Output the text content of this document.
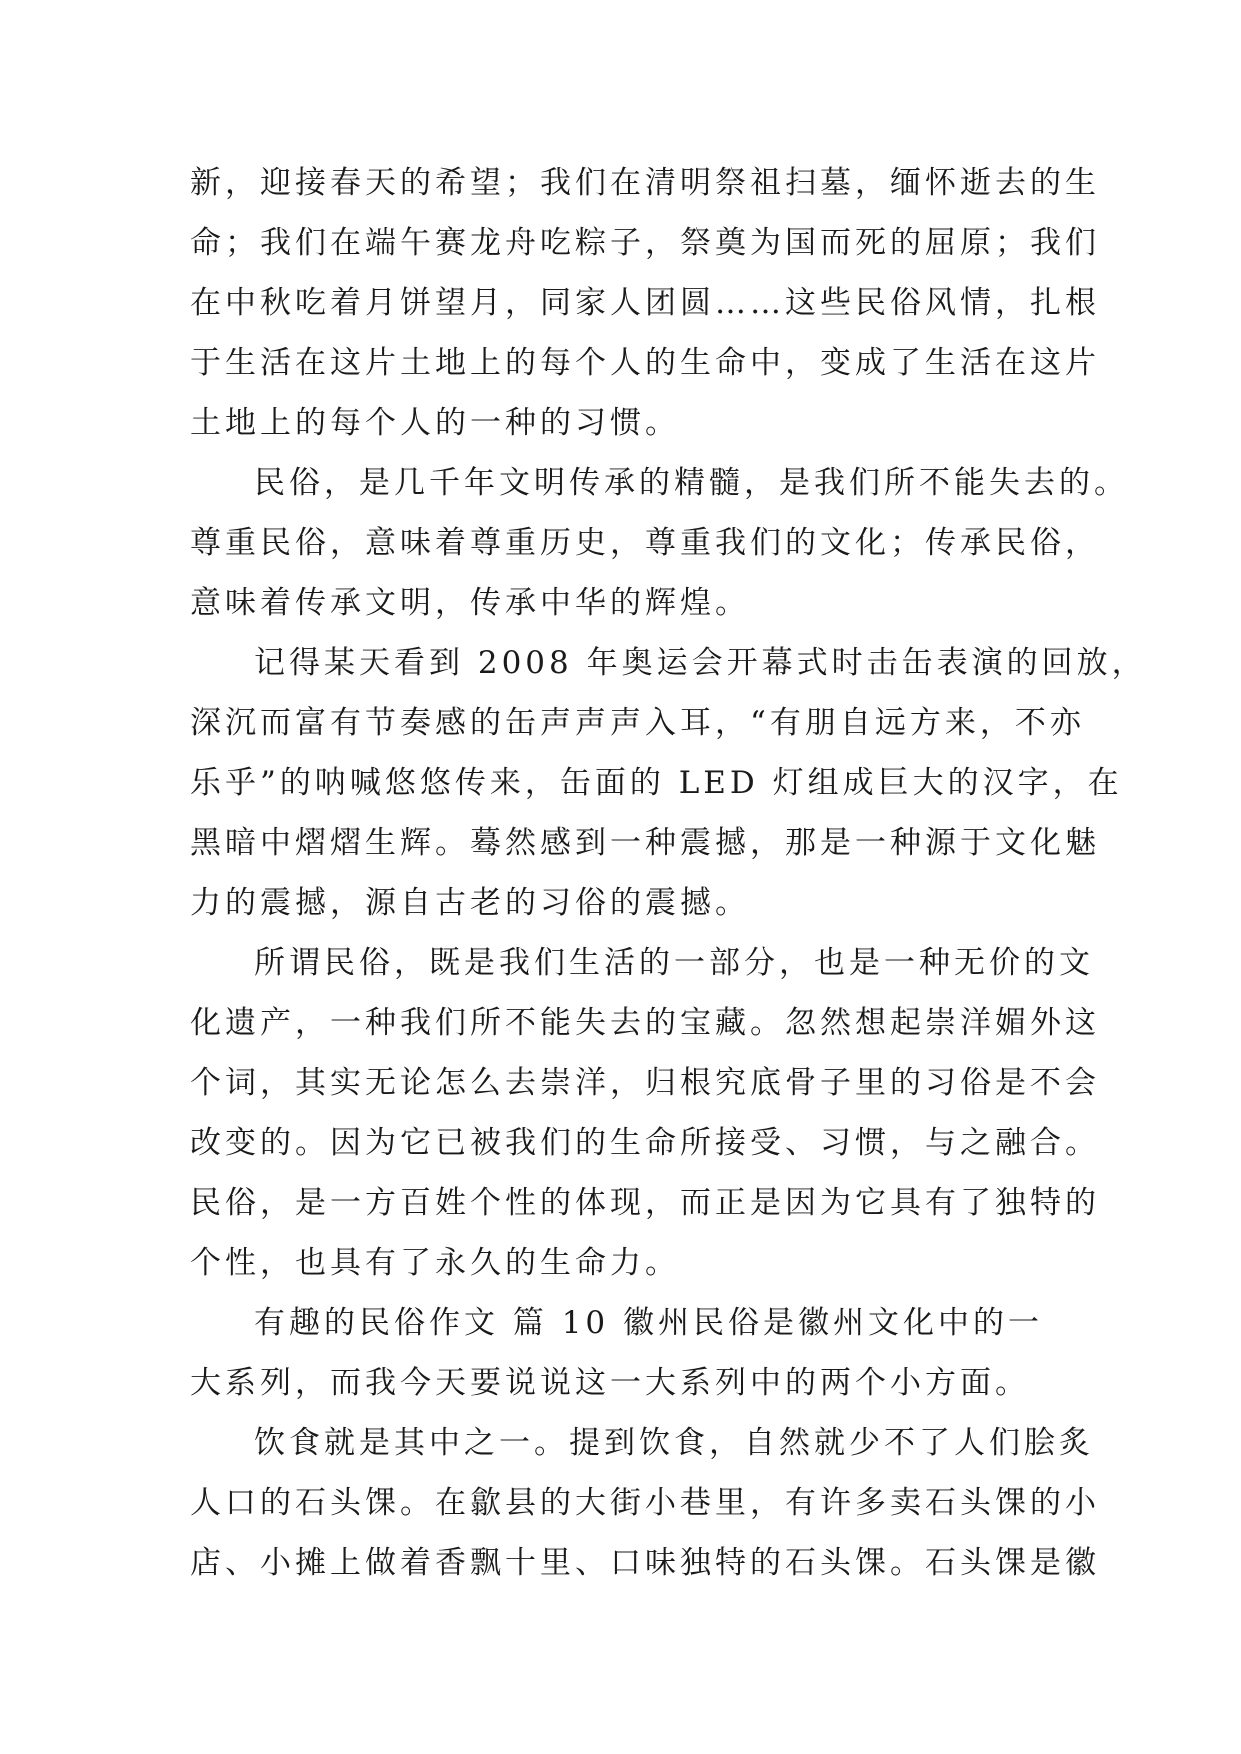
新，迎接春天的希望；我们在清明祭祖扫墓，缅怀逝去的生
命；我们在端午赛龙舟吃粽子，祭奠为国而死的屈原；我们
在中秋吃着月饼望月，同家人团圆……这些民俗风情，扎根
于生活在这片土地上的每个人的生命中，变成了生活在这片
土地上的每个人的一种的习惯。
民俗，是几千年文明传承的精髓，是我们所不能失去的。
尊重民俗，意味着尊重历史，尊重我们的文化；传承民俗，
意味着传承文明，传承中华的辉煌。
记得某天看到 2008 年奥运会开幕式时击缶表演的回放，
深沉而富有节奏感的缶声声声入耳，“有朋自远方来，不亦
乐乎”的呐喊悠悠传来，缶面的 LED 灯组成巨大的汉字，在
黑暗中熠熠生辉。蓦然感到一种震撼，那是一种源于文化魅
力的震撼，源自古老的习俗的震撼。
所谓民俗，既是我们生活的一部分，也是一种无价的文
化遗产，一种我们所不能失去的宝藏。忽然想起崇洋媚外这
个词，其实无论怎么去崇洋，归根究底骨子里的习俗是不会
改变的。因为它已被我们的生命所接受、习惯，与之融合。
民俗，是一方百姓个性的体现，而正是因为它具有了独特的
个性，也具有了永久的生命力。
有趣的民俗作文 篇 10 徽州民俗是徽州文化中的一
大系列，而我今天要说说这一大系列中的两个小方面。
饮食就是其中之一。提到饮食，自然就少不了人们脍炙
人口的石头馃。在歙县的大街小巷里，有许多卖石头馃的小
店、小摊上做着香飘十里、口味独特的石头馃。石头馃是徽
